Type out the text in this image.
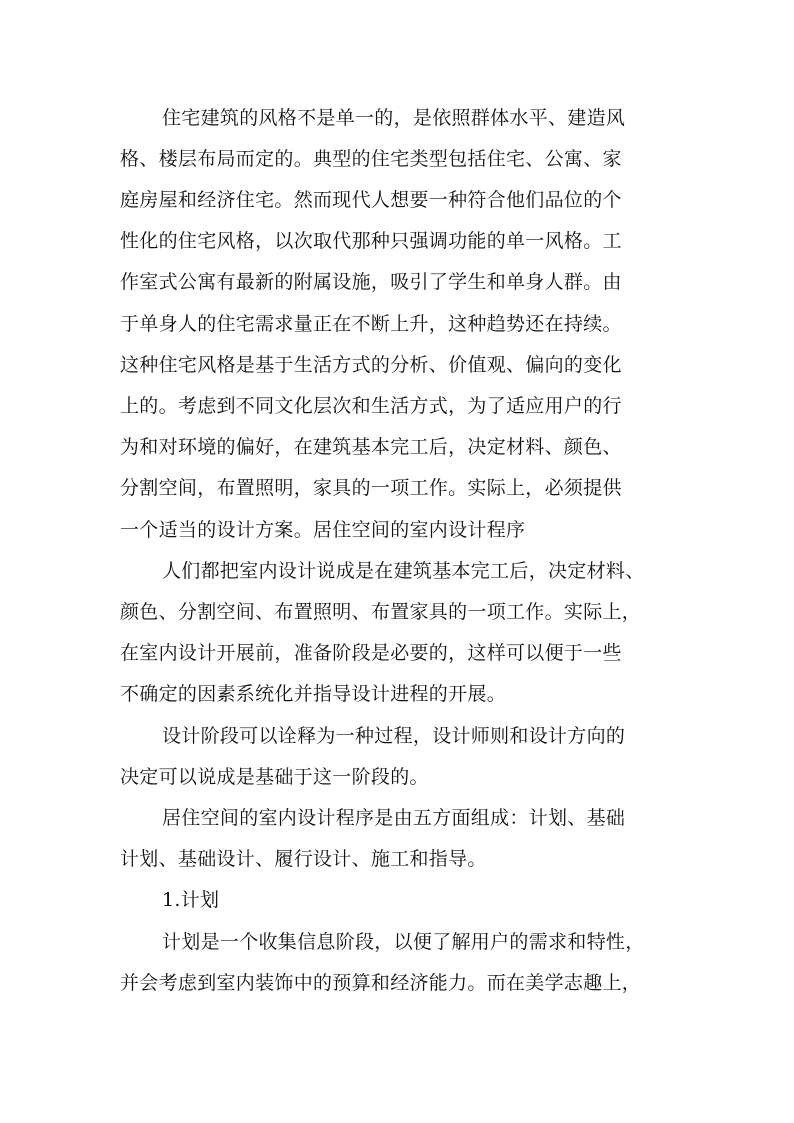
住宅建筑的风格不是单一的，是依照群体水平、建造风

格、楼层布局而定的。典型的住宅类型包括住宅、公寓、家

庭房屋和经济住宅。然而现代人想要一种符合他们品位的个

性化的住宅风格，以次取代那种只强调功能的单一风格。工

作室式公寓有最新的附属设施，吸引了学生和单身人群。由

于单身人的住宅需求量正在不断上升，这种趋势还在持续。

这种住宅风格是基于生活方式的分析、价值观、偏向的变化

上的。考虑到不同文化层次和生活方式，为了适应用户的行

为和对环境的偏好，在建筑基本完工后，决定材料、颜色、

分割空间，布置照明，家具的一项工作。实际上，必须提供

一个适当的设计方案。居住空间的室内设计程序

人们都把室内设计说成是在建筑基本完工后，决定材料、

颜色、分割空间、布置照明、布置家具的一项工作。实际上，

在室内设计开展前，准备阶段是必要的，这样可以便于一些

不确定的因素系统化并指导设计进程的开展。

设计阶段可以诠释为一种过程，设计师则和设计方向的

决定可以说成是基础于这一阶段的。

居住空间的室内设计程序是由五方面组成：计划、基础

计划、基础设计、履行设计、施工和指导。

1.计划

计划是一个收集信息阶段，以便了解用户的需求和特性，

并会考虑到室内装饰中的预算和经济能力。而在美学志趣上，
